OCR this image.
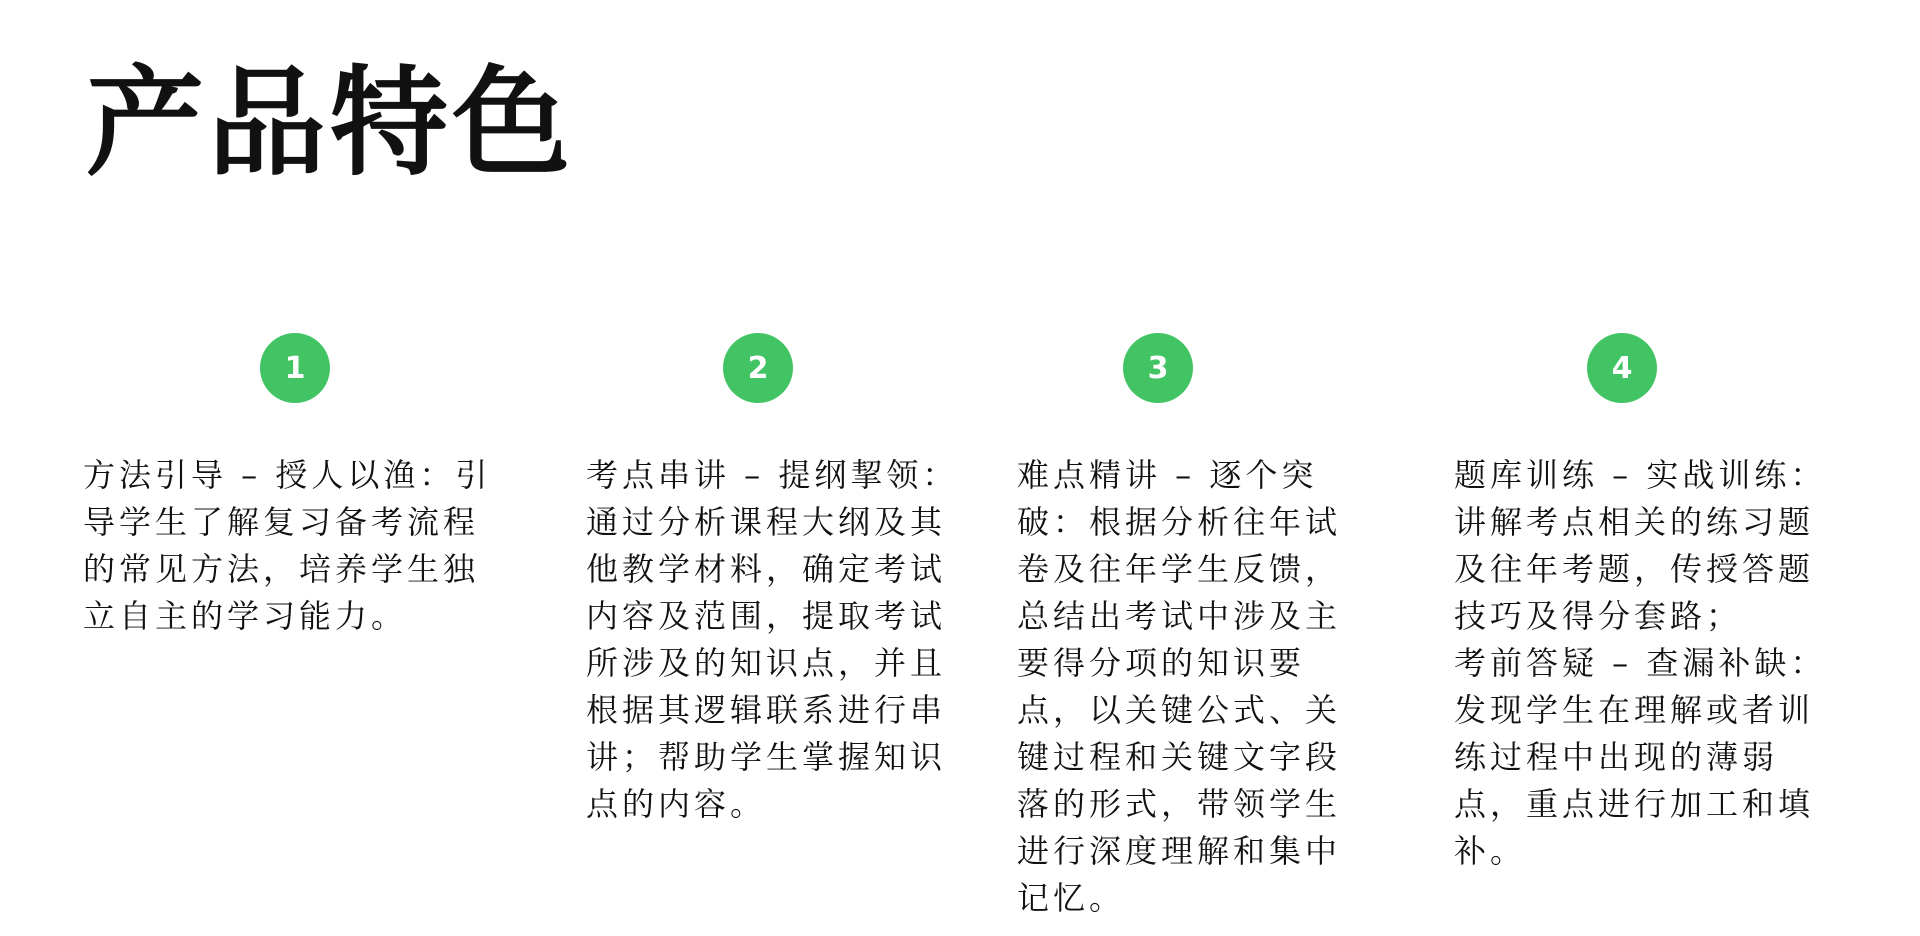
产品特色
1

方法引导 – 授人以渔：引导学生了解复习备考流程的常见方法，培养学生独立自主的学习能力。

2

考点串讲 – 提纲挈领：通过分析课程大纲及其他教学材料，确定考试内容及范围，提取考试所涉及的知识点，并且根据其逻辑联系进行串讲；帮助学生掌握知识点的内容。

3

难点精讲 – 逐个突破：根据分析往年试卷及往年学生反馈，总结出考试中涉及主要得分项的知识要点，以关键公式、关键过程和关键文字段落的形式，带领学生进行深度理解和集中记忆。

4

题库训练 – 实战训练：讲解考点相关的练习题及往年考题，传授答题技巧及得分套路；

考前答疑 – 查漏补缺：发现学生在理解或者训练过程中出现的薄弱点，重点进行加工和填补。
